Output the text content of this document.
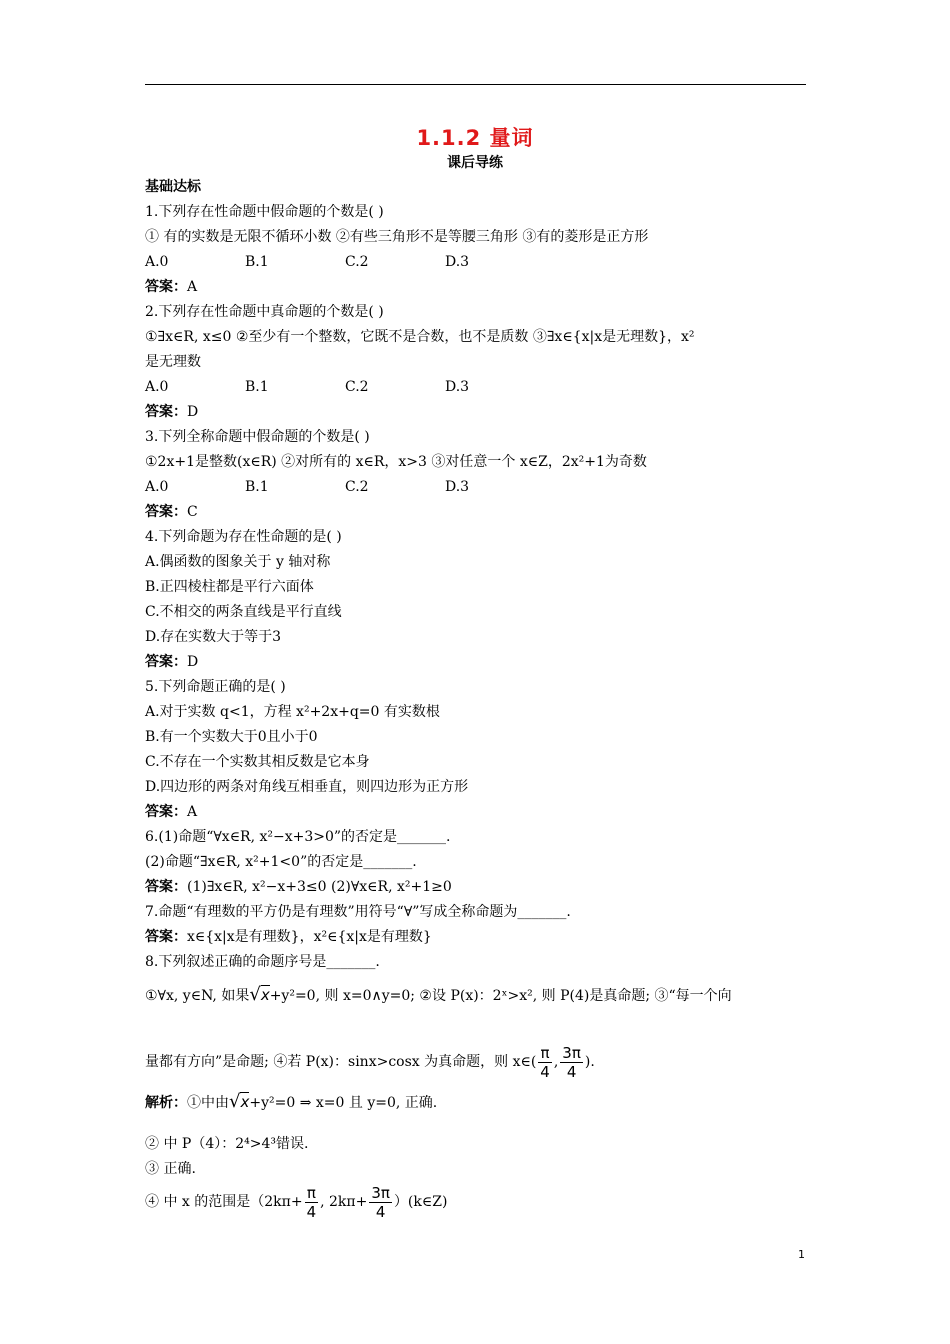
1.1.2 量词
课后导练
基础达标
1.下列存在性命题中假命题的个数是( )
① 有的实数是无限不循环小数 ②有些三角形不是等腰三角形 ③有的菱形是正方形
A.0	B.1	C.2	D.3
答案：A
2.下列存在性命题中真命题的个数是( )
①∃x∈R, x≤0 ②至少有一个整数，它既不是合数，也不是质数 ③∃x∈{x|x是无理数}，x²
是无理数
A.0	B.1	C.2	D.3
答案：D
3.下列全称命题中假命题的个数是( )
①2x+1是整数(x∈R) ②对所有的 x∈R，x>3 ③对任意一个 x∈Z，2x²+1为奇数
A.0	B.1	C.2	D.3
答案：C
4.下列命题为存在性命题的是( )
A.偶函数的图象关于 y 轴对称
B.正四棱柱都是平行六面体
C.不相交的两条直线是平行直线
D.存在实数大于等于3
答案：D
5.下列命题正确的是( )
A.对于实数 q<1，方程 x²+2x+q=0 有实数根
B.有一个实数大于0且小于0
C.不存在一个实数其相反数是它本身
D.四边形的两条对角线互相垂直，则四边形为正方形
答案：A
6.(1)命题“∀x∈R, x²−x+3>0”的否定是_______.
(2)命题“∃x∈R, x²+1<0”的否定是_______.
答案：(1)∃x∈R, x²−x+3≤0 (2)∀x∈R, x²+1≥0
7.命题“有理数的平方仍是有理数”用符号“∀”写成全称命题为_______.
答案：x∈{x|x是有理数}，x²∈{x|x是有理数}
8.下列叙述正确的命题序号是_______.
①∀x, y∈N, 如果√x+y²=0, 则 x=0∧y=0; ②设 P(x)：2ˣ>x², 则 P(4)是真命题; ③“每一个向
量都有方向”是命题; ④若 P(x)：sinx>cosx 为真命题，则 x∈( $\frac{\pi}{4}$ , $\frac{3\pi}{4}$ ).
解析：①中由√x+y²=0 ⇒ x=0 且 y=0, 正确.
② 中 P（4）：2⁴>4³错误.
③ 正确.
④ 中 x 的范围是（$2k\pi+ \frac{\pi}{4}$ , $2k\pi+ \frac{3\pi}{4}$ ）(k∈Z)
1
